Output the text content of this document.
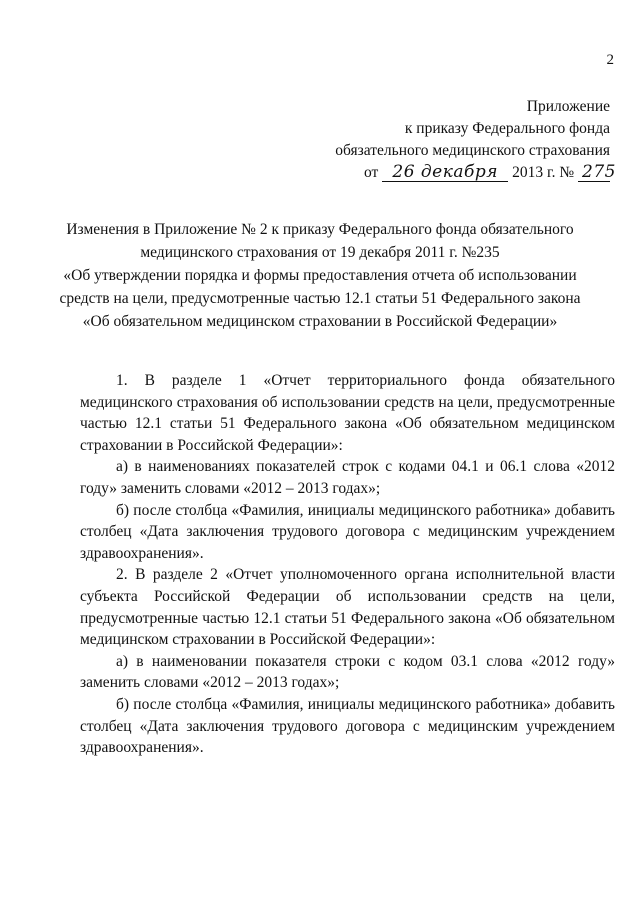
2
Приложение
к приказу Федерального фонда
обязательного медицинского страхования
от 26 декабря 2013 г. № 275
Изменения в Приложение № 2 к приказу Федерального фонда обязательного
медицинского страхования от 19 декабря 2011 г. №235
«Об утверждении порядка и формы предоставления отчета об использовании
средств на цели, предусмотренные частью 12.1 статьи 51 Федерального закона
«Об обязательном медицинском страховании в Российской Федерации»

1. В разделе 1 «Отчет территориального фонда обязательного медицинского страхования об использовании средств на цели, предусмотренные частью 12.1 статьи 51 Федерального закона «Об обязательном медицинском страховании в Российской Федерации»:

а) в наименованиях показателей строк с кодами 04.1 и 06.1 слова «2012 году» заменить словами «2012 – 2013 годах»;

б) после столбца «Фамилия, инициалы медицинского работника» добавить столбец «Дата заключения трудового договора с медицинским учреждением здравоохранения».

2. В разделе 2 «Отчет уполномоченного органа исполнительной власти субъекта Российской Федерации об использовании средств на цели, предусмотренные частью 12.1 статьи 51 Федерального закона «Об обязательном медицинском страховании в Российской Федерации»:

а) в наименовании показателя строки с кодом 03.1 слова «2012 году» заменить словами «2012 – 2013 годах»;

б) после столбца «Фамилия, инициалы медицинского работника» добавить столбец «Дата заключения трудового договора с медицинским учреждением здравоохранения».
